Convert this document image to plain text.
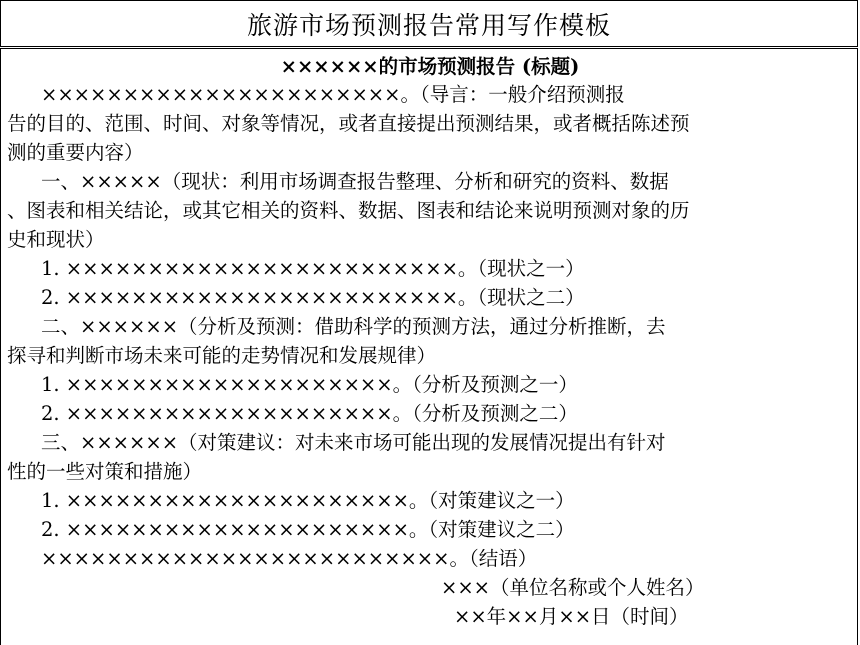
旅游市场预测报告常用写作模板
××××××的市场预测报告 (标题)
××××××××××××××××××××××。（导言：一般介绍预测报
告的目的、范围、时间、对象等情况，或者直接提出预测结果，或者概括陈述预
测的重要内容）
一、×××××（现状：利用市场调查报告整理、分析和研究的资料、数据
、图表和相关结论，或其它相关的资料、数据、图表和结论来说明预测对象的历
史和现状）
1. ××××××××××××××××××××××××。（现状之一）
2. ××××××××××××××××××××××××。（现状之二）
二、××××××（分析及预测：借助科学的预测方法，通过分析推断，去
探寻和判断市场未来可能的走势情况和发展规律）
1. ××××××××××××××××××××。（分析及预测之一）
2. ××××××××××××××××××××。（分析及预测之二）
三、××××××（对策建议：对未来市场可能出现的发展情况提出有针对
性的一些对策和措施）
1. ×××××××××××××××××××××。（对策建议之一）
2. ×××××××××××××××××××××。（对策建议之二）
×××××××××××××××××××××××××。（结语）
×××（单位名称或个人姓名）
××年××月××日（时间）
